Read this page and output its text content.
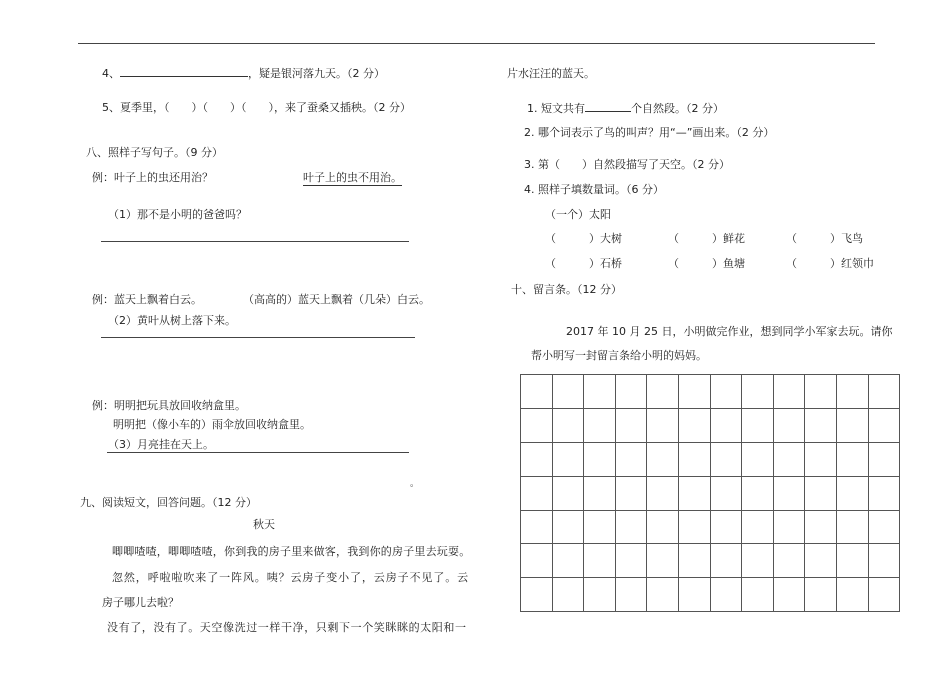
4、	，疑是银河落九天。（2 分）
5、夏季里，（　　）（　　）（　　），来了蚕桑又插秧。（2 分）
八、照样子写句子。（9 分）
例：叶子上的虫还用治？	叶子上的虫不用治。
（1）那不是小明的爸爸吗？
例：蓝天上飘着白云。	（高高的）蓝天上飘着（几朵）白云。
（2）黄叶从树上落下来。
例：明明把玩具放回收纳盒里。
明明把（像小车的）雨伞放回收纳盒里。
（3）月亮挂在天上。
。
九、阅读短文，回答问题。（12 分）
秋天
唧唧喳喳，唧唧喳喳，你到我的房子里来做客，我到你的房子里去玩耍。
忽然，呼啦啦吹来了一阵风。咦？云房子变小了，云房子不见了。云
房子哪儿去啦？
没有了，没有了。天空像洗过一样干净，只剩下一个笑眯眯的太阳和一
片水汪汪的蓝天。
1. 短文共有	个自然段。（2 分）
2. 哪个词表示了鸟的叫声？用“—”画出来。（2 分）
3. 第（　　）自然段描写了天空。（2 分）
4. 照样子填数量词。（6 分）
（一个）太阳
（　　　）大树	（　　　）鲜花	（　　　）飞鸟
（　　　）石桥	（　　　）鱼塘	（　　　）红领巾
十、留言条。（12 分）
2017 年 10 月 25 日，小明做完作业，想到同学小军家去玩。请你
帮小明写一封留言条给小明的妈妈。
